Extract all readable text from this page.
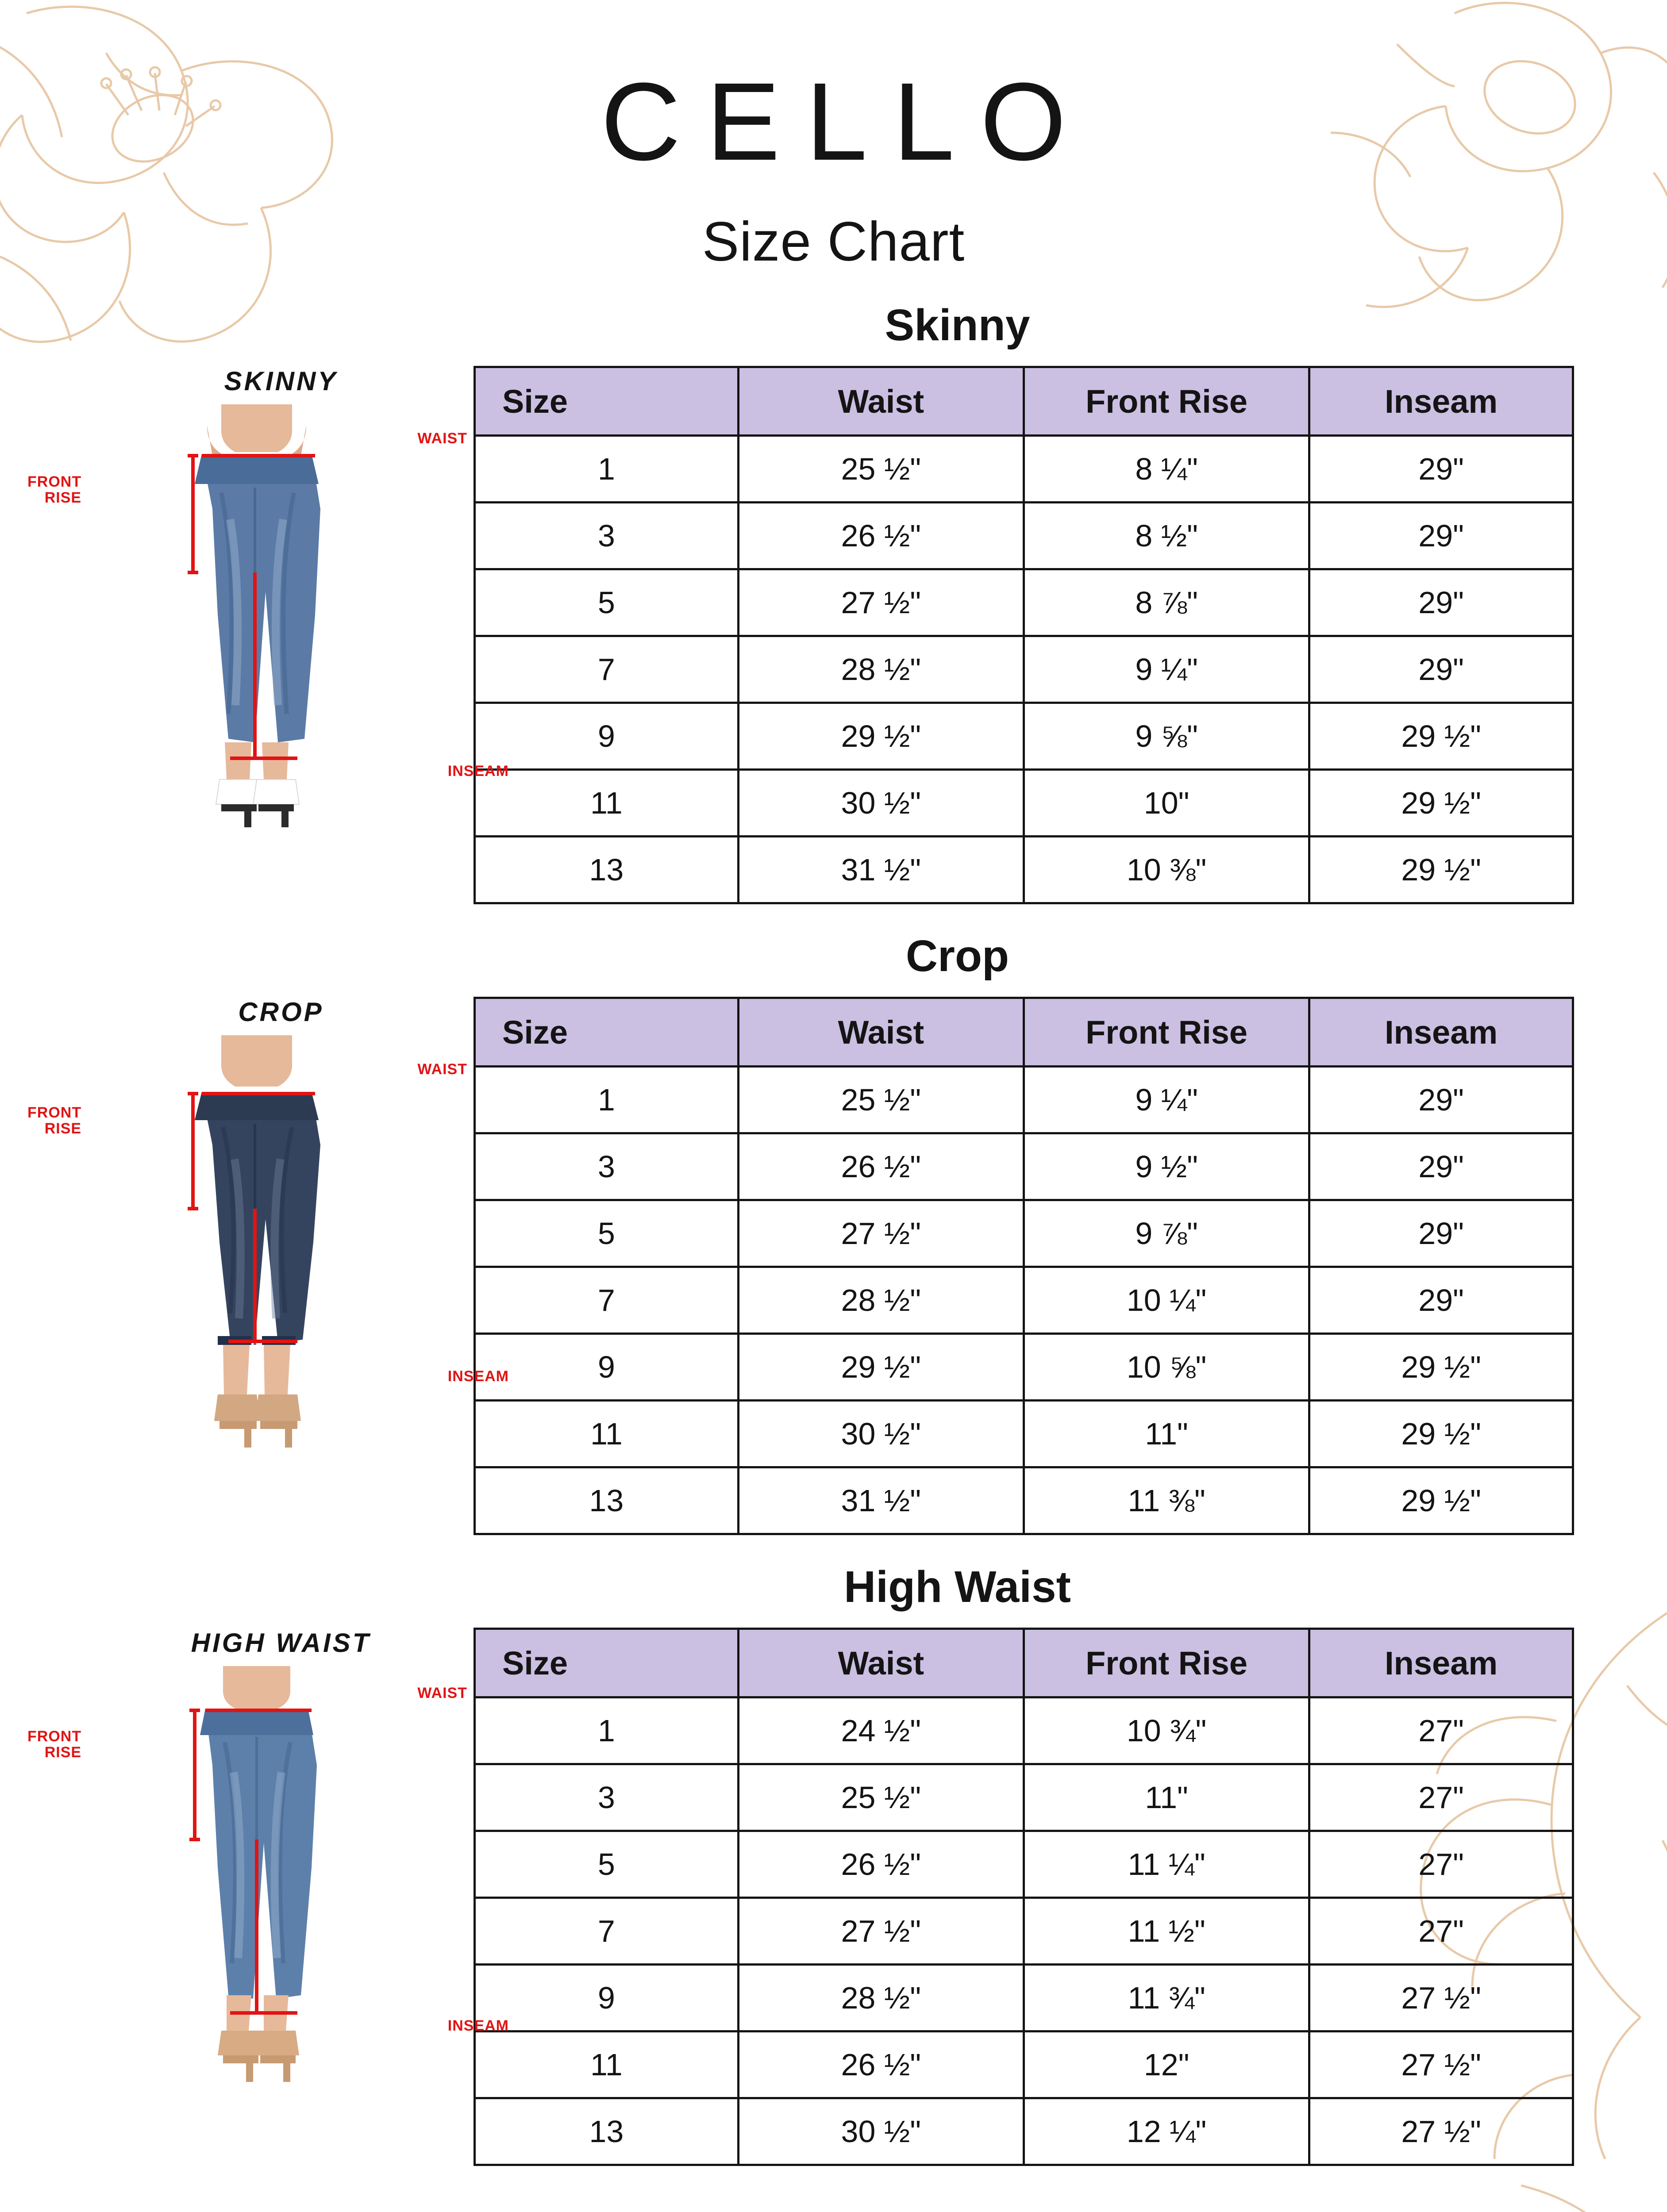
CELLO
Size Chart
Skinny
SKINNY
WAIST
FRONT
RISE
INSEAM
Size	Waist	Front Rise	Inseam
1	25 ½"	8 ¼"	29"
3	26 ½"	8 ½"	29"
5	27 ½"	8 ⅞"	29"
7	28 ½"	9 ¼"	29"
9	29 ½"	9 ⅝"	29 ½"
11	30 ½"	10"	29 ½"
13	31 ½"	10 ⅜"	29 ½"
Crop
CROP
WAIST
FRONT
RISE
INSEAM
Size	Waist	Front Rise	Inseam
1	25 ½"	9 ¼"	29"
3	26 ½"	9 ½"	29"
5	27 ½"	9 ⅞"	29"
7	28 ½"	10 ¼"	29"
9	29 ½"	10 ⅝"	29 ½"
11	30 ½"	11"	29 ½"
13	31 ½"	11 ⅜"	29 ½"
High Waist
HIGH WAIST
WAIST
FRONT
RISE
INSEAM
Size	Waist	Front Rise	Inseam
1	24 ½"	10 ¾"	27"
3	25 ½"	11"	27"
5	26 ½"	11 ¼"	27"
7	27 ½"	11 ½"	27"
9	28 ½"	11 ¾"	27 ½"
11	26 ½"	12"	27 ½"
13	30 ½"	12 ¼"	27 ½"
